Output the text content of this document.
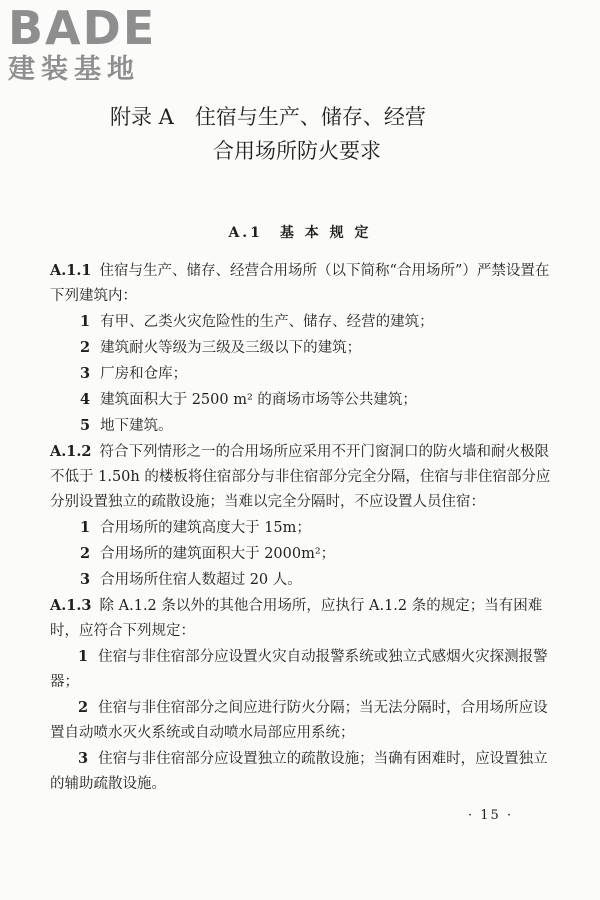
BADE
建装基地
附录 A　住宿与生产、储存、经营
合用场所防火要求
A.1　基 本 规 定

A.1.1 住宿与生产、储存、经营合用场所（以下简称“合用场所”）严禁设置在下列建筑内：

1 有甲、乙类火灾危险性的生产、储存、经营的建筑；

2 建筑耐火等级为三级及三级以下的建筑；

3 厂房和仓库；

4 建筑面积大于 2500 m² 的商场市场等公共建筑；

5 地下建筑。

A.1.2 符合下列情形之一的合用场所应采用不开门窗洞口的防火墙和耐火极限不低于 1.50h 的楼板将住宿部分与非住宿部分完全分隔，住宿与非住宿部分应分别设置独立的疏散设施；当难以完全分隔时，不应设置人员住宿：

1 合用场所的建筑高度大于 15m；

2 合用场所的建筑面积大于 2000m²；

3 合用场所住宿人数超过 20 人。

A.1.3 除 A.1.2 条以外的其他合用场所，应执行 A.1.2 条的规定；当有困难时，应符合下列规定：

1 住宿与非住宿部分应设置火灾自动报警系统或独立式感烟火灾探测报警器；

2 住宿与非住宿部分之间应进行防火分隔；当无法分隔时，合用场所应设置自动喷水灭火系统或自动喷水局部应用系统；

3 住宿与非住宿部分应设置独立的疏散设施；当确有困难时，应设置独立的辅助疏散设施。

· 15 ·
